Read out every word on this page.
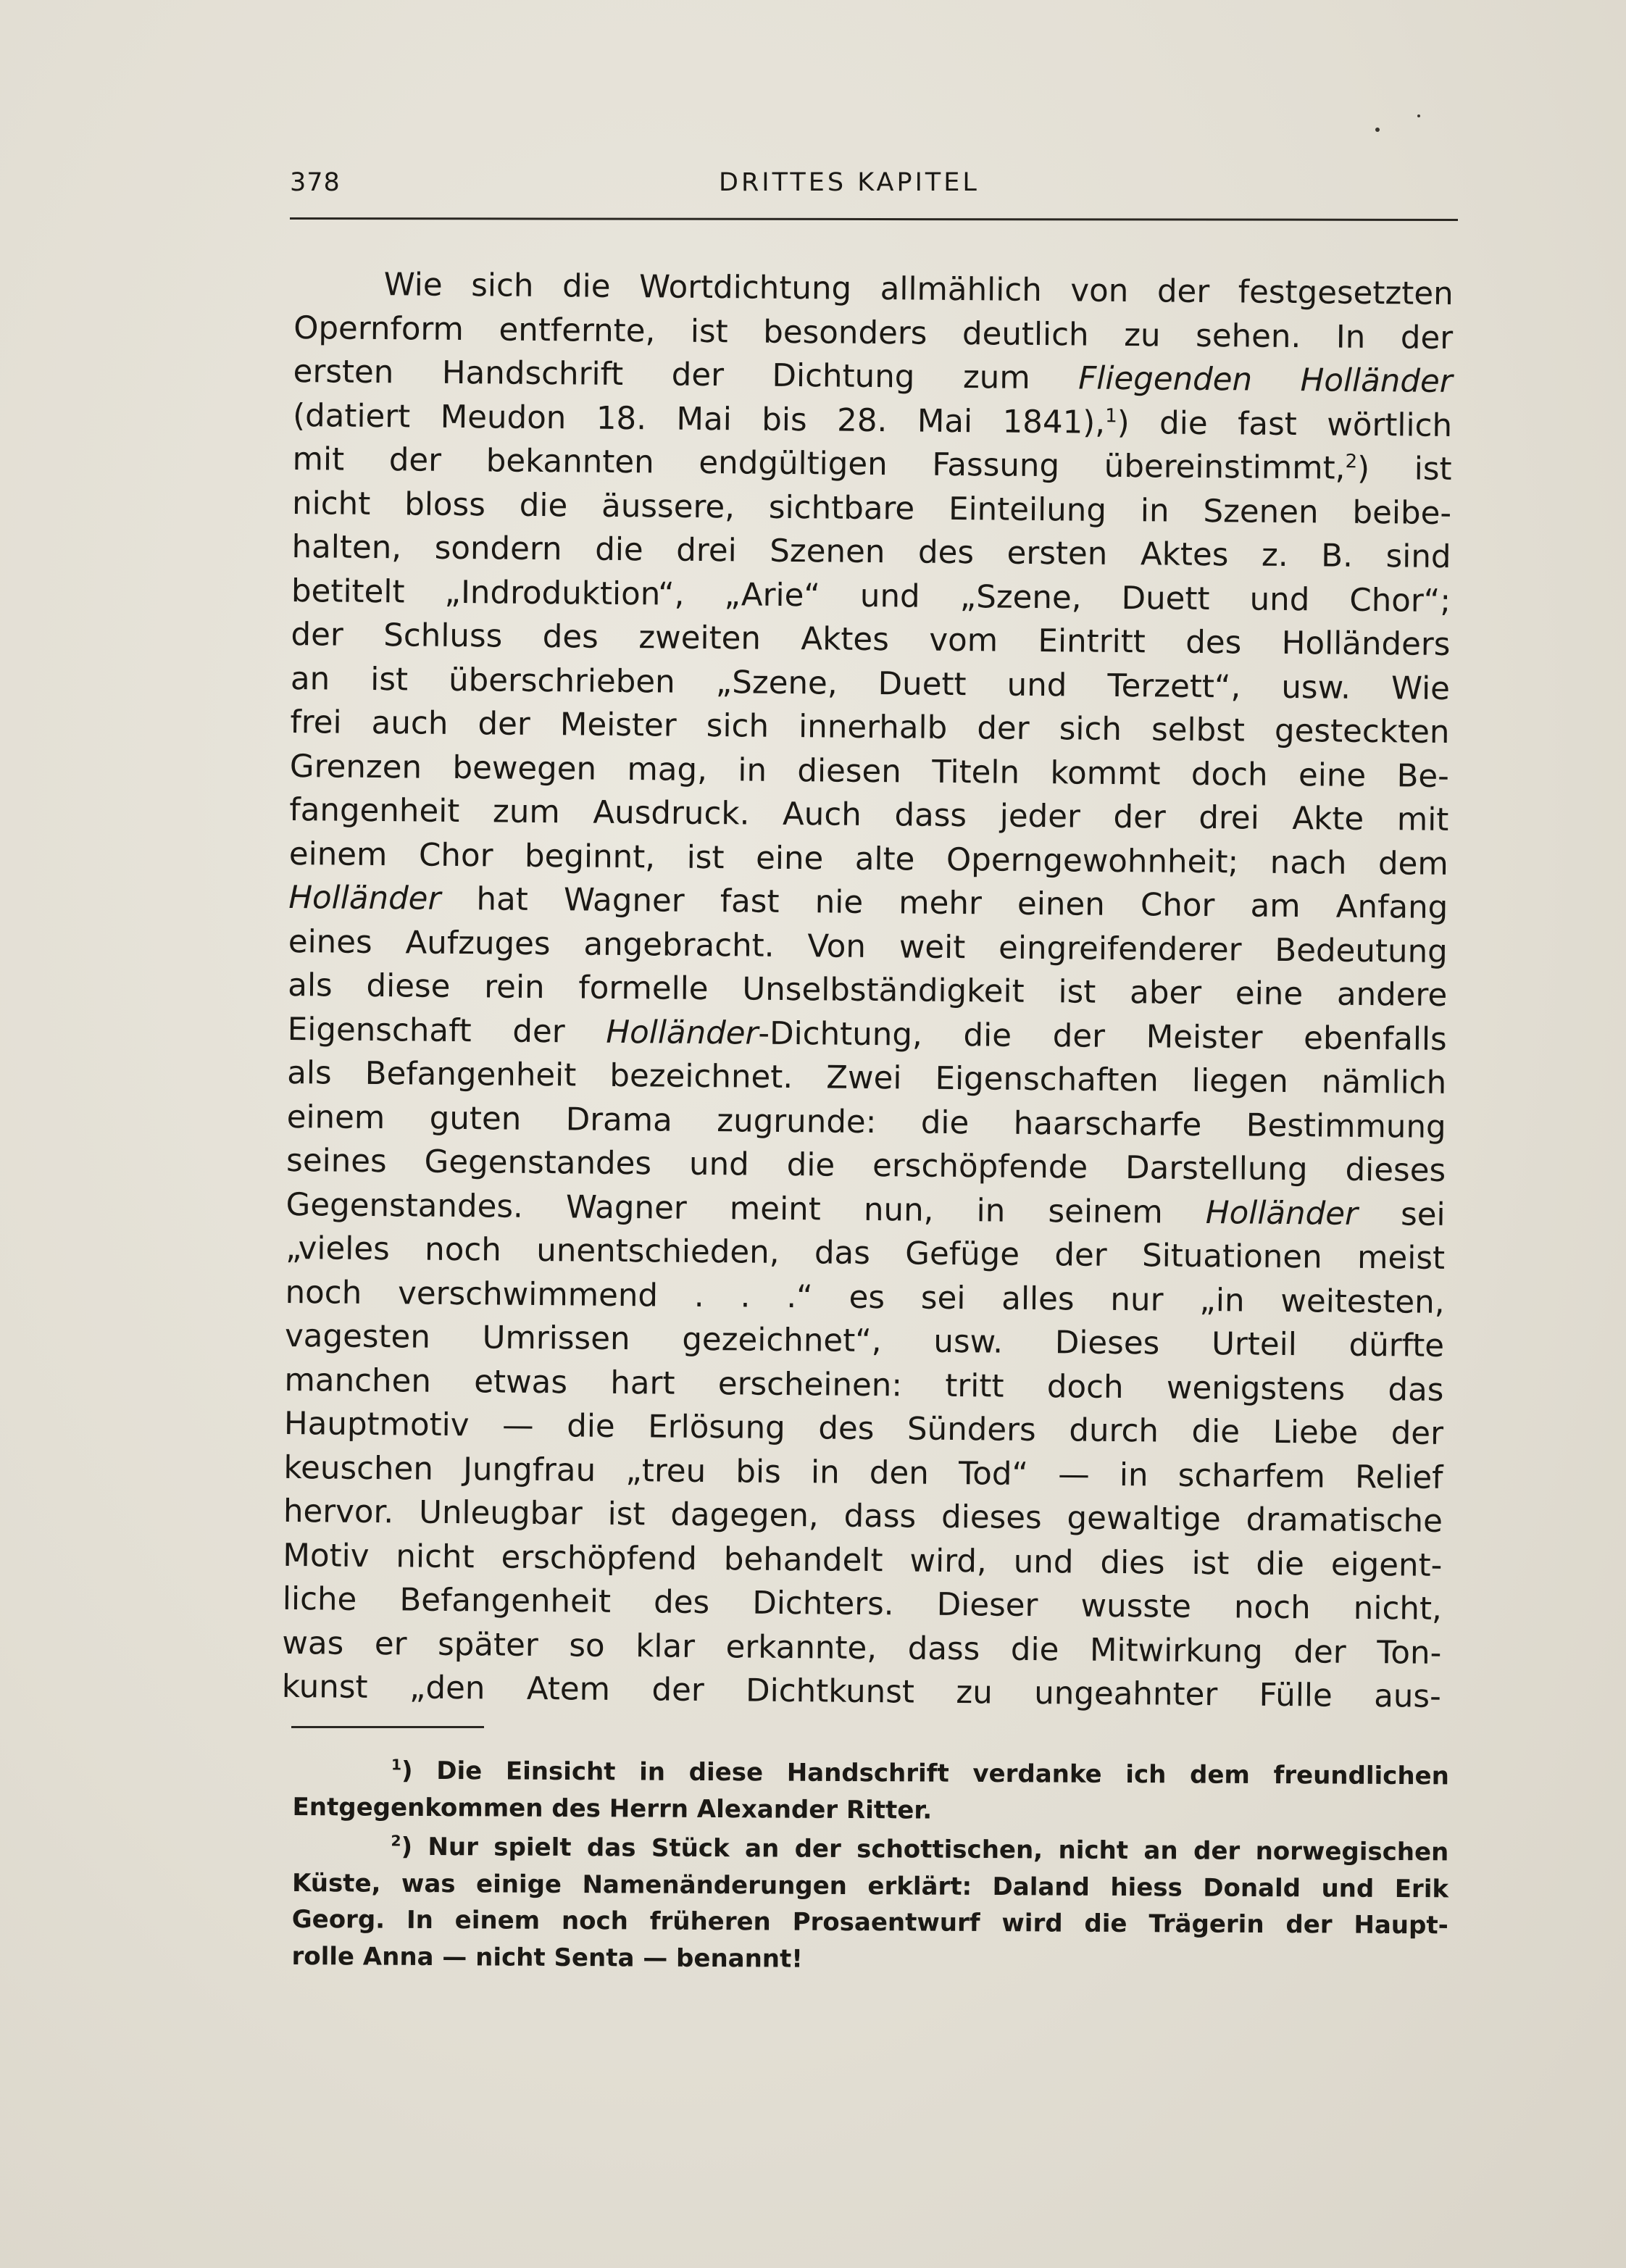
378	DRITTES KAPITEL
Wie sich die Wortdichtung allmählich von der festgesetzten
Opernform entfernte, ist besonders deutlich zu sehen. In der
ersten Handschrift der Dichtung zum Fliegenden Holländer
(datiert Meudon 18. Mai bis 28. Mai 1841),$^1$) die fast wörtlich
mit der bekannten endgültigen Fassung übereinstimmt,$^2$) ist
nicht bloss die äussere, sichtbare Einteilung in Szenen beibe-
halten, sondern die drei Szenen des ersten Aktes z. B. sind
betitelt „Indroduktion“, „Arie“ und „Szene, Duett und Chor“;
der Schluss des zweiten Aktes vom Eintritt des Holländers
an ist überschrieben „Szene, Duett und Terzett“, usw. Wie
frei auch der Meister sich innerhalb der sich selbst gesteckten
Grenzen bewegen mag, in diesen Titeln kommt doch eine Be-
fangenheit zum Ausdruck. Auch dass jeder der drei Akte mit
einem Chor beginnt, ist eine alte Operngewohnheit; nach dem
Holländer hat Wagner fast nie mehr einen Chor am Anfang
eines Aufzuges angebracht. Von weit eingreifenderer Bedeutung
als diese rein formelle Unselbständigkeit ist aber eine andere
Eigenschaft der Holländer-Dichtung, die der Meister ebenfalls
als Befangenheit bezeichnet. Zwei Eigenschaften liegen nämlich
einem guten Drama zugrunde: die haarscharfe Bestimmung
seines Gegenstandes und die erschöpfende Darstellung dieses
Gegenstandes. Wagner meint nun, in seinem Holländer sei
„vieles noch unentschieden, das Gefüge der Situationen meist
noch verschwimmend . . .“ es sei alles nur „in weitesten,
vagesten Umrissen gezeichnet“, usw. Dieses Urteil dürfte
manchen etwas hart erscheinen: tritt doch wenigstens das
Hauptmotiv — die Erlösung des Sünders durch die Liebe der
keuschen Jungfrau „treu bis in den Tod“ — in scharfem Relief
hervor. Unleugbar ist dagegen, dass dieses gewaltige dramatische
Motiv nicht erschöpfend behandelt wird, und dies ist die eigent-
liche Befangenheit des Dichters. Dieser wusste noch nicht,
was er später so klar erkannte, dass die Mitwirkung der Ton-
kunst „den Atem der Dichtkunst zu ungeahnter Fülle aus-
$^1$) Die Einsicht in diese Handschrift verdanke ich dem freundlichen
Entgegenkommen des Herrn Alexander Ritter.
$^2$) Nur spielt das Stück an der schottischen, nicht an der norwegischen
Küste, was einige Namenänderungen erklärt: Daland hiess Donald und Erik
Georg. In einem noch früheren Prosaentwurf wird die Trägerin der Haupt-
rolle Anna — nicht Senta — benannt!
